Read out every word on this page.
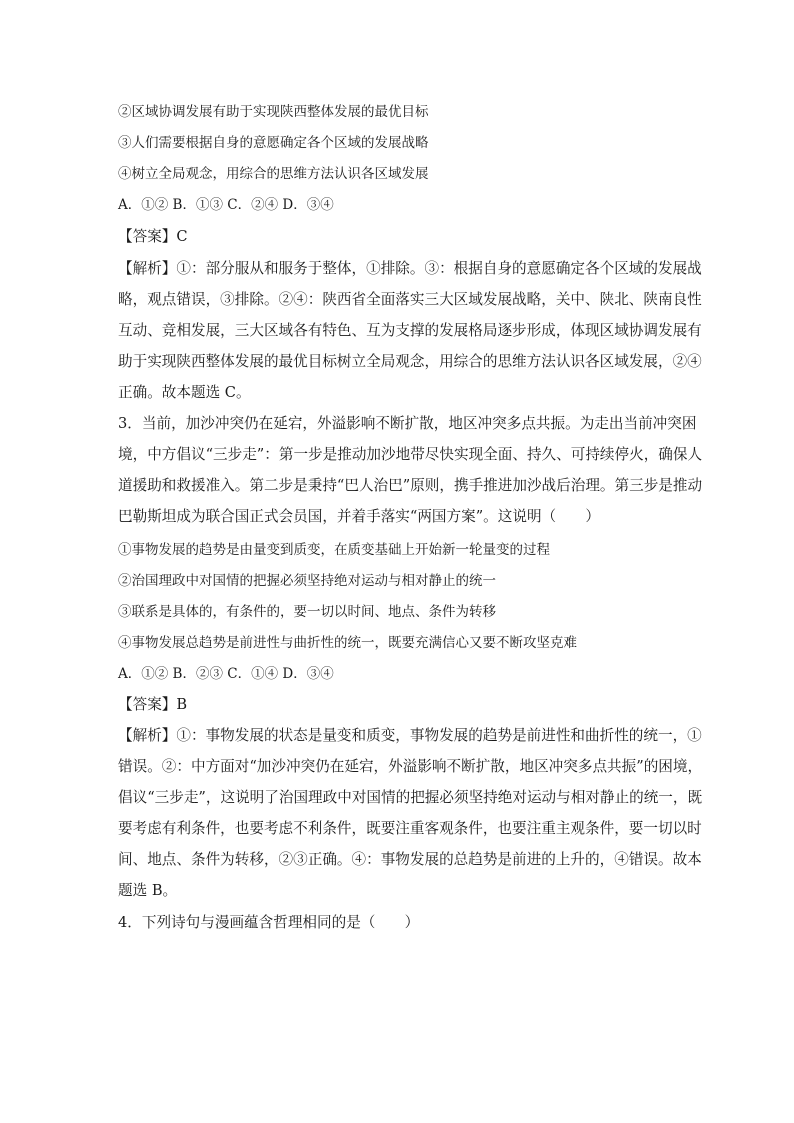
②区域协调发展有助于实现陕西整体发展的最优目标
③人们需要根据自身的意愿确定各个区域的发展战略
④树立全局观念，用综合的思维方法认识各区域发展
A．①② B．①③ C．②④ D．③④
【答案】C
【解析】①：部分服从和服务于整体，①排除。③：根据自身的意愿确定各个区域的发展战
略，观点错误，③排除。②④：陕西省全面落实三大区域发展战略，关中、陕北、陕南良性
互动、竞相发展，三大区域各有特色、互为支撑的发展格局逐步形成，体现区域协调发展有
助于实现陕西整体发展的最优目标树立全局观念，用综合的思维方法认识各区域发展，②④
正确。故本题选 C。
3．当前，加沙冲突仍在延宕，外溢影响不断扩散，地区冲突多点共振。为走出当前冲突困
境，中方倡议“三步走”：第一步是推动加沙地带尽快实现全面、持久、可持续停火，确保人
道援助和救援准入。第二步是秉持“巴人治巴”原则，携手推进加沙战后治理。第三步是推动
巴勒斯坦成为联合国正式会员国，并着手落实“两国方案”。这说明（　　）
①事物发展的趋势是由量变到质变，在质变基础上开始新一轮量变的过程
②治国理政中对国情的把握必须坚持绝对运动与相对静止的统一
③联系是具体的，有条件的，要一切以时间、地点、条件为转移
④事物发展总趋势是前进性与曲折性的统一，既要充满信心又要不断攻坚克难
A．①② B．②③ C．①④ D．③④
【答案】B
【解析】①：事物发展的状态是量变和质变，事物发展的趋势是前进性和曲折性的统一，①
错误。②：中方面对“加沙冲突仍在延宕，外溢影响不断扩散，地区冲突多点共振”的困境，
倡议“三步走”，这说明了治国理政中对国情的把握必须坚持绝对运动与相对静止的统一，既
要考虑有利条件，也要考虑不利条件，既要注重客观条件，也要注重主观条件，要一切以时
间、地点、条件为转移，②③正确。④：事物发展的总趋势是前进的上升的，④错误。故本
题选 B。
4．下列诗句与漫画蕴含哲理相同的是（　　）
